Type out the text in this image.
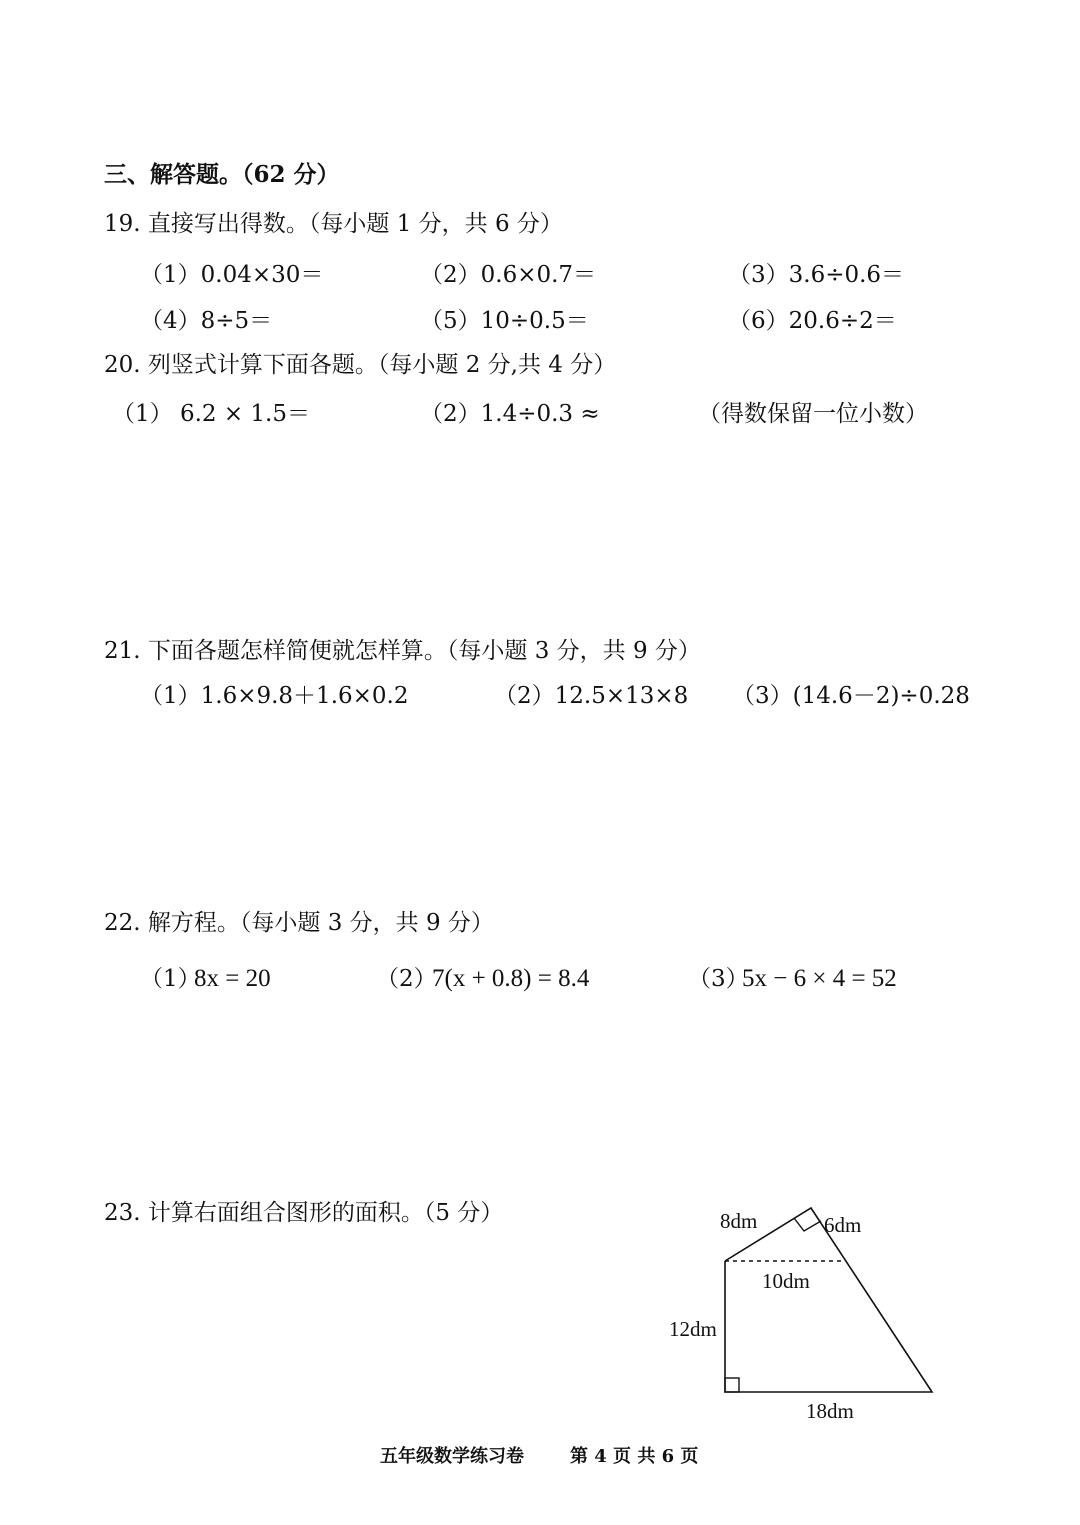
三、解答题。（62 分）
19. 直接写出得数。（每小题 1 分，共 6 分）
（1）0.04×30＝	（2）0.6×0.7＝	（3）3.6÷0.6＝
（4）8÷5＝	（5）10÷0.5＝	（6）20.6÷2＝
20. 列竖式计算下面各题。（每小题 2 分,共 4 分）
（1） 6.2 × 1.5＝	（2）1.4÷0.3 ≈	（得数保留一位小数）
21. 下面各题怎样简便就怎样算。（每小题 3 分，共 9 分）
（1）1.6×9.8＋1.6×0.2	（2）12.5×13×8 （3）(14.6－2)÷0.28
22. 解方程。（每小题 3 分，共 9 分）
（1）
8x = 20	（2）
7(x + 0.8) = 8.4	（3）
5x − 6 × 4 = 52
23. 计算右面组合图形的面积。（5 分）	8dm	6dm
10dm
12dm
18dm
五年级数学练习卷	第 4 页 共 6 页
